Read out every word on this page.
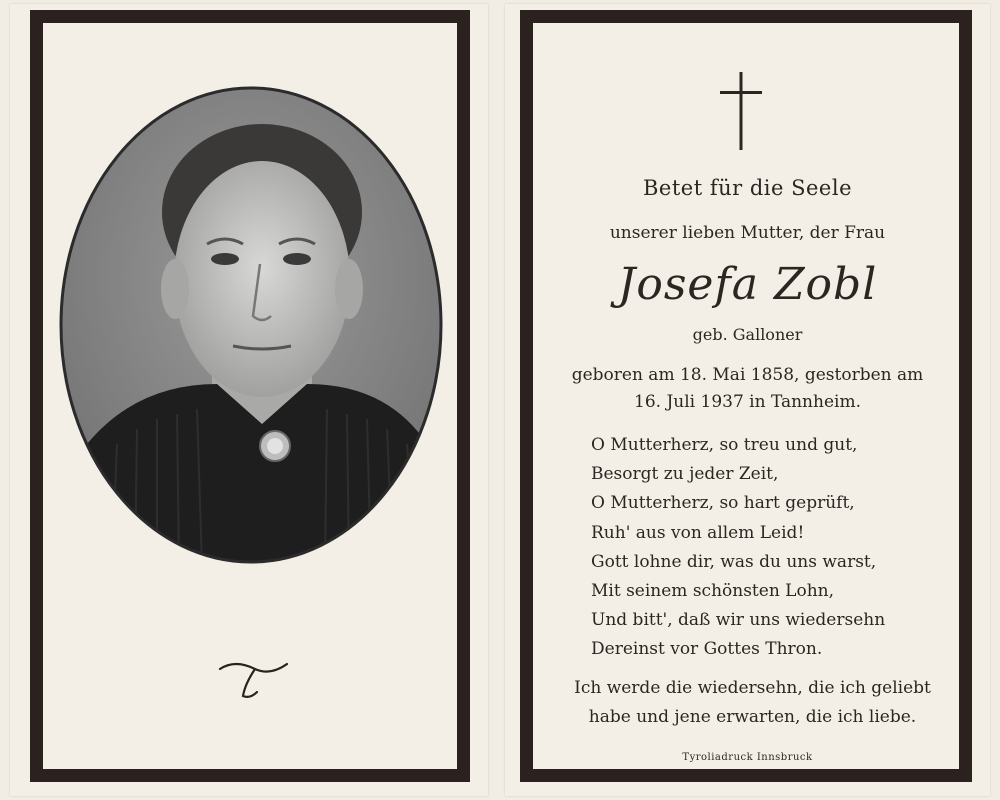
Betet für die Seele
unserer lieben Mutter, der Frau
Josefa Zobl
geb. Galloner
geboren am 18. Mai 1858, gestorben am
16. Juli 1937 in Tannheim.
O Mutterherz, so treu und gut,
Besorgt zu jeder Zeit,
O Mutterherz, so hart geprüft,
Ruh' aus von allem Leid!
Gott lohne dir, was du uns warst,
Mit seinem schönsten Lohn,
Und bitt', daß wir uns wiedersehn
Dereinst vor Gottes Thron.
Ich werde die wiedersehn, die ich geliebt
habe und jene erwarten, die ich liebe.
Tyroliadruck Innsbruck
